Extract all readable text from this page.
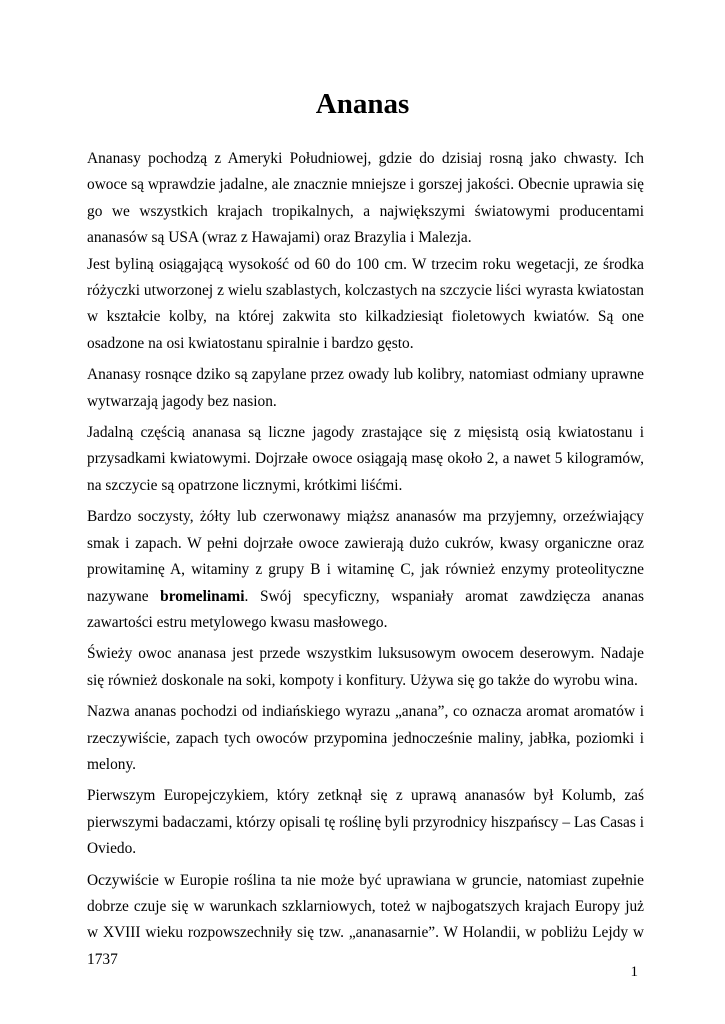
Ananas

Ananasy pochodzą z Ameryki Południowej, gdzie do dzisiaj rosną jako chwasty. Ich owoce są wprawdzie jadalne, ale znacznie mniejsze i gorszej jakości. Obecnie uprawia się go we wszystkich krajach tropikalnych, a największymi światowymi producentami ananasów są USA (wraz z Hawajami) oraz Brazylia i Malezja.

Jest byliną osiągającą wysokość od 60 do 100 cm. W trzecim roku wegetacji, ze środka różyczki utworzonej z wielu szablastych, kolczastych na szczycie liści wyrasta kwiatostan w kształcie kolby, na której zakwita sto kilkadziesiąt fioletowych kwiatów. Są one osadzone na osi kwiatostanu spiralnie i bardzo gęsto.

Ananasy rosnące dziko są zapylane przez owady lub kolibry, natomiast odmiany uprawne wytwarzają jagody bez nasion.

Jadalną częścią ananasa są liczne jagody zrastające się z mięsistą osią kwiatostanu i przysadkami kwiatowymi. Dojrzałe owoce osiągają masę około 2, a nawet 5 kilogramów, na szczycie są opatrzone licznymi, krótkimi liśćmi.

Bardzo soczysty, żółty lub czerwonawy miąższ ananasów ma przyjemny, orzeźwiający smak i zapach. W pełni dojrzałe owoce zawierają dużo cukrów, kwasy organiczne oraz prowitaminę A, witaminy z grupy B i witaminę C, jak również enzymy proteolityczne nazywane bromelinami. Swój specyficzny, wspaniały aromat zawdzięcza ananas zawartości estru metylowego kwasu masłowego.

Świeży owoc ananasa jest przede wszystkim luksusowym owocem deserowym. Nadaje się również doskonale na soki, kompoty i konfitury. Używa się go także do wyrobu wina.

Nazwa ananas pochodzi od indiańskiego wyrazu „anana”, co oznacza aromat aromatów i rzeczywiście, zapach tych owoców przypomina jednocześnie maliny, jabłka, poziomki i melony.

Pierwszym Europejczykiem, który zetknął się z uprawą ananasów był Kolumb, zaś pierwszymi badaczami, którzy opisali tę roślinę byli przyrodnicy hiszpańscy – Las Casas i Oviedo.

Oczywiście w Europie roślina ta nie może być uprawiana w gruncie, natomiast zupełnie dobrze czuje się w warunkach szklarniowych, toteż w najbogatszych krajach Europy już w XVIII wieku rozpowszechniły się tzw. „ananasarnie”. W Holandii, w pobliżu Lejdy w 1737

1
